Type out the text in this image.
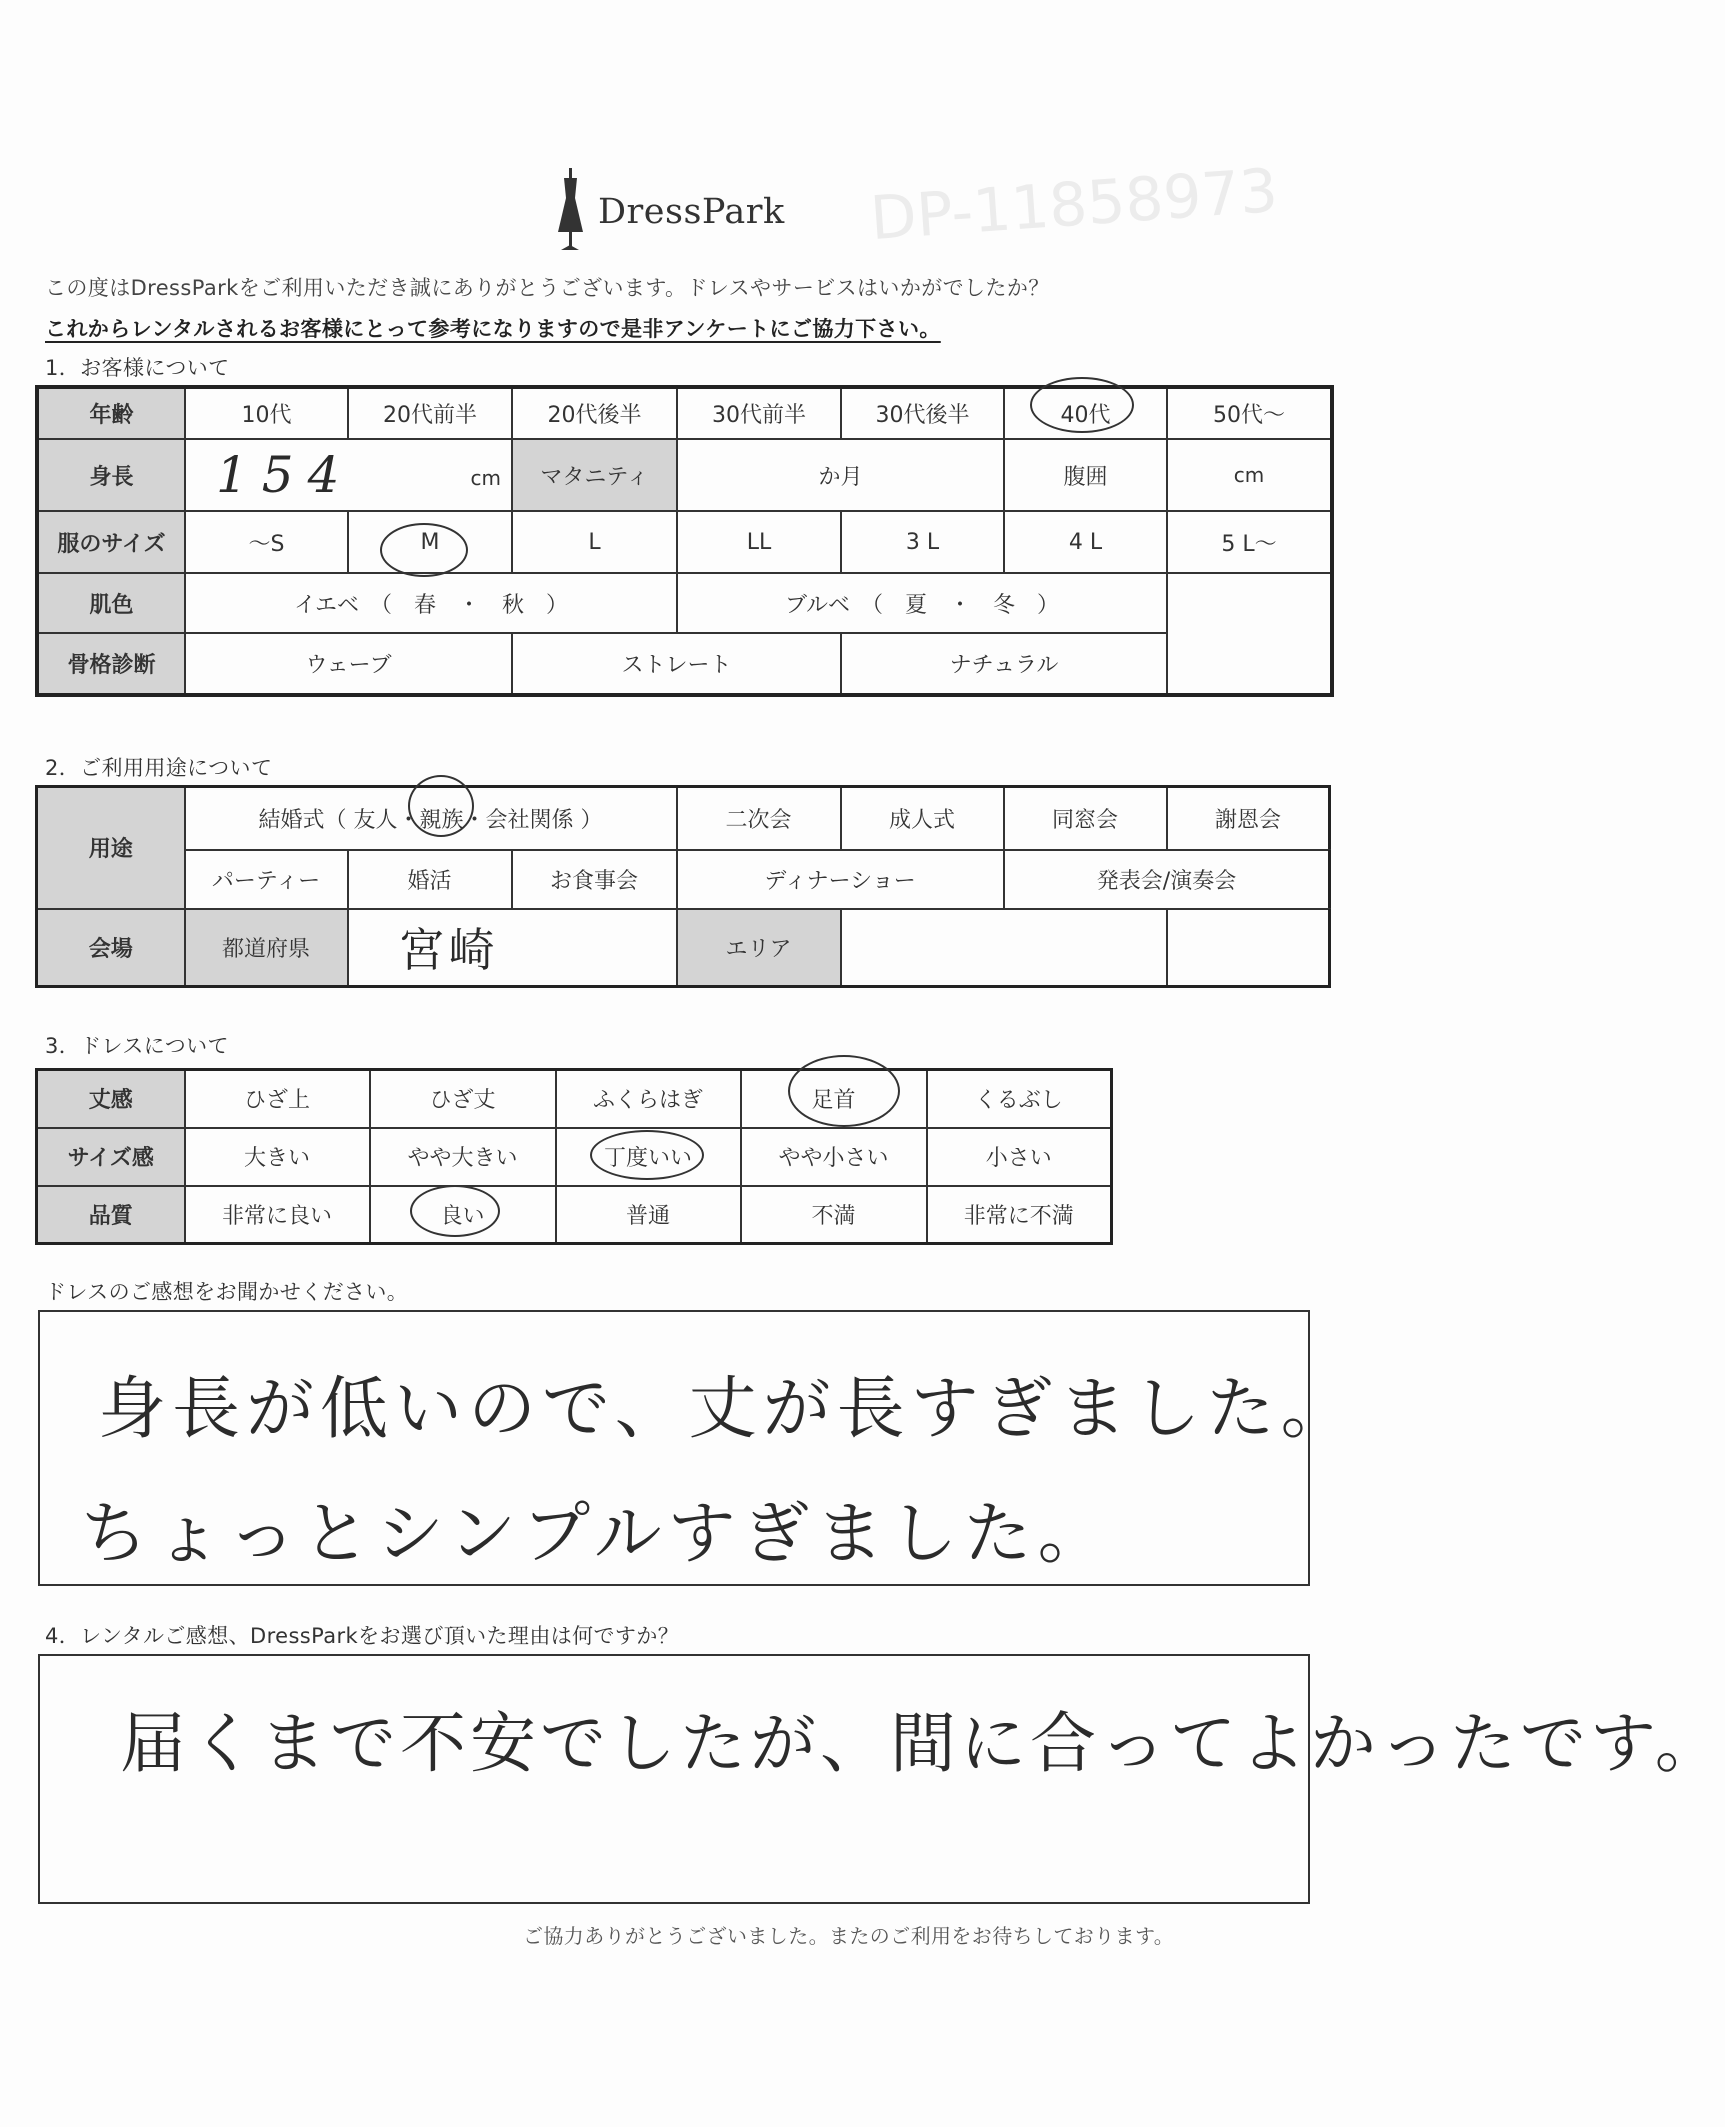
DressPark DP-11858973
この度はDressParkをご利用いただき誠にありがとうございます。ドレスやサービスはいかがでしたか？
これからレンタルされるお客様にとって参考になりますので是非アンケートにご協力下さい。
1．お客様について
年齢	10代	20代前半	20代後半	30代前半	30代後半	40代	50代～
身長	154 cm		マタニティ	か月		腹囲	cm
服のサイズ	～S	M	L	LL	3 L	4 L	5 L～
肌色	イエベ　（　春　・　秋　）			ブルベ　（　夏　・　冬　）			
骨格診断	ウェーブ		ストレート		ナチュラル		
2．ご利用用途について
用途	結婚式（ 友人・親族・会社関係 ）			二次会	成人式	同窓会	謝恩会	
	パーティー	婚活	お食事会	ディナーショー		発表会/演奏会		
会場	都道府県	宮崎		エリア				
3．ドレスについて
丈感	ひざ上	ひざ丈	ふくらはぎ	足首	くるぶし
サイズ感	大きい	やや大きい	丁度いい	やや小さい	小さい
品質	非常に良い	良い	普通	不満	非常に不満
ドレスのご感想をお聞かせください。
身長が低いので、丈が長すぎました。
ちょっとシンプルすぎました。
4．レンタルご感想、DressParkをお選び頂いた理由は何ですか？
届くまで不安でしたが、間に合ってよかったです。
ご協力ありがとうございました。またのご利用をお待ちしております。
